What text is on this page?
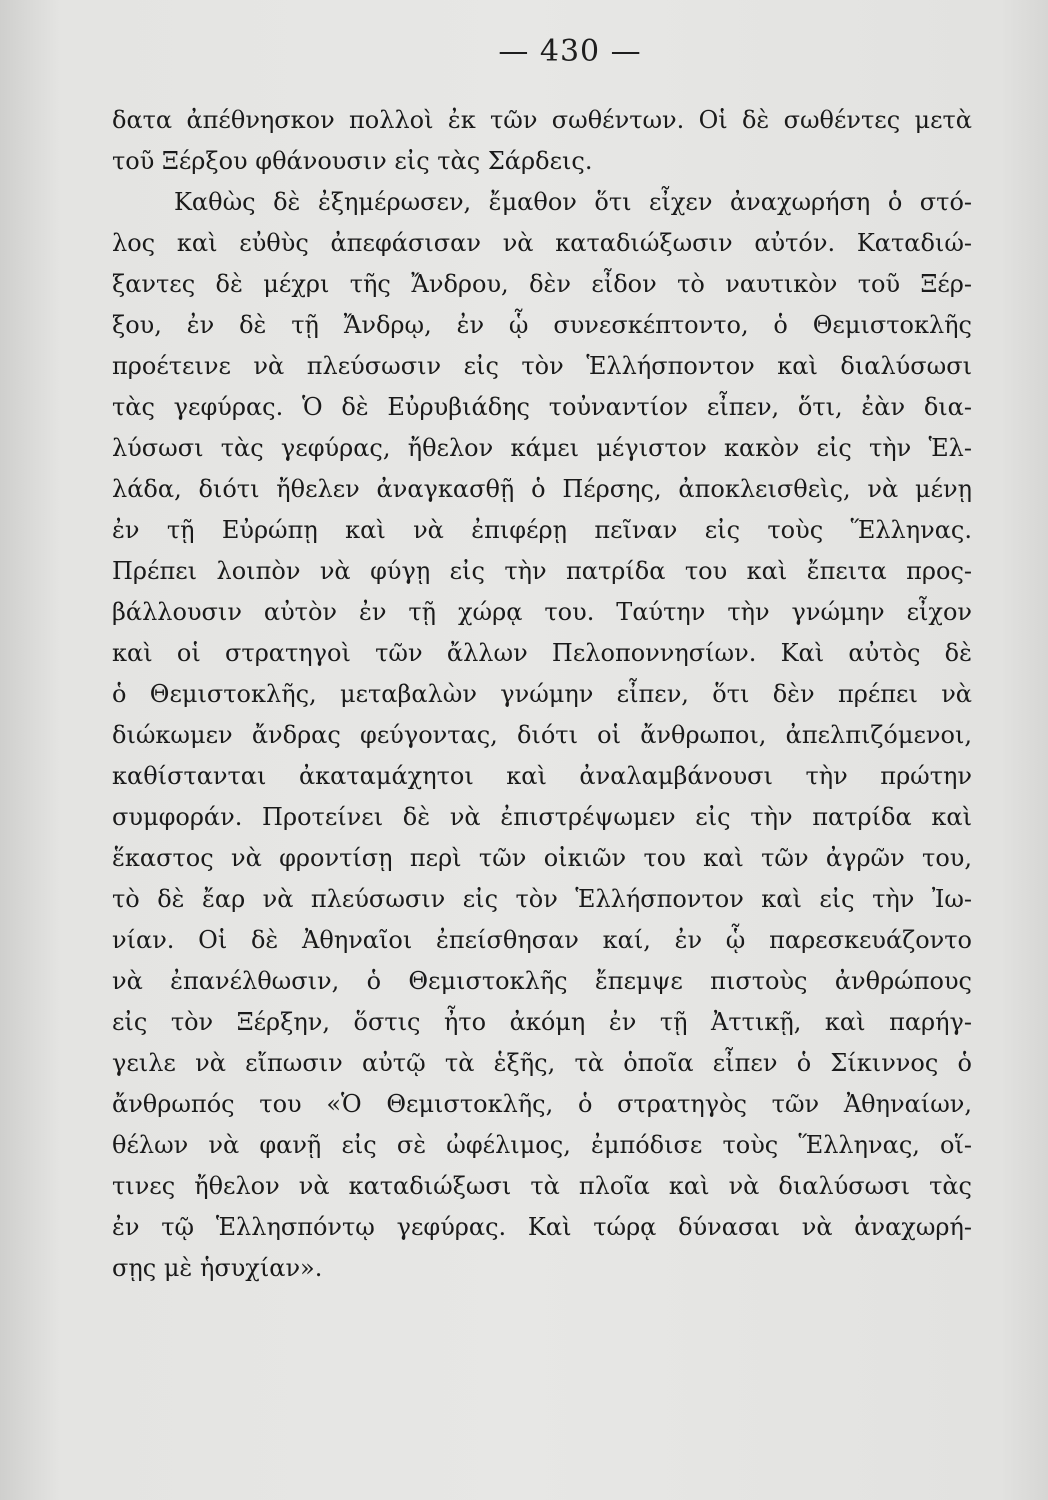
— 430 —
δατα ἀπέθνησκον πολλοὶ ἐκ τῶν σωθέντων. Οἱ δὲ σωθέντες μετὰ
τοῦ Ξέρξου φθάνουσιν εἰς τὰς Σάρδεις.
Καθὼς δὲ ἐξημέρωσεν, ἔμαθον ὅτι εἶχεν ἀναχωρήση ὁ στό-
λος καὶ εὐθὺς ἀπεφάσισαν νὰ καταδιώξωσιν αὐτόν. Καταδιώ-
ξαντες δὲ μέχρι τῆς Ἄνδρου, δὲν εἶδον τὸ ναυτικὸν τοῦ Ξέρ-
ξου, ἐν δὲ τῇ Ἄνδρῳ, ἐν ᾧ συνεσκέπτοντο, ὁ Θεμιστοκλῆς
προέτεινε νὰ πλεύσωσιν εἰς τὸν Ἑλλήσποντον καὶ διαλύσωσι
τὰς γεφύρας. Ὁ δὲ Εὐρυβιάδης τοὐναντίον εἶπεν, ὅτι, ἐὰν δια-
λύσωσι τὰς γεφύρας, ἤθελον κάμει μέγιστον κακὸν εἰς τὴν Ἑλ-
λάδα, διότι ἤθελεν ἀναγκασθῇ ὁ Πέρσης, ἀποκλεισθεὶς, νὰ μένῃ
ἐν τῇ Εὐρώπῃ καὶ νὰ ἐπιφέρῃ πεῖναν εἰς τοὺς Ἕλληνας.
Πρέπει λοιπὸν νὰ φύγῃ εἰς τὴν πατρίδα του καὶ ἔπειτα προς-
βάλλουσιν αὐτὸν ἐν τῇ χώρᾳ του. Ταύτην τὴν γνώμην εἶχον
καὶ οἱ στρατηγοὶ τῶν ἄλλων Πελοποννησίων. Καὶ αὐτὸς δὲ
ὁ Θεμιστοκλῆς, μεταβαλὼν γνώμην εἶπεν, ὅτι δὲν πρέπει νὰ
διώκωμεν ἄνδρας φεύγοντας, διότι οἱ ἄνθρωποι, ἀπελπιζόμενοι,
καθίστανται ἀκαταμάχητοι καὶ ἀναλαμβάνουσι τὴν πρώτην
συμφοράν. Προτείνει δὲ νὰ ἐπιστρέψωμεν εἰς τὴν πατρίδα καὶ
ἕκαστος νὰ φροντίσῃ περὶ τῶν οἰκιῶν του καὶ τῶν ἀγρῶν του,
τὸ δὲ ἔαρ νὰ πλεύσωσιν εἰς τὸν Ἑλλήσποντον καὶ εἰς τὴν Ἰω-
νίαν. Οἱ δὲ Ἀθηναῖοι ἐπείσθησαν καί, ἐν ᾧ παρεσκευάζοντο
νὰ ἐπανέλθωσιν, ὁ Θεμιστοκλῆς ἔπεμψε πιστοὺς ἀνθρώπους
εἰς τὸν Ξέρξην, ὅστις ἦτο ἀκόμη ἐν τῇ Ἀττικῇ, καὶ παρήγ-
γειλε νὰ εἴπωσιν αὐτῷ τὰ ἑξῆς, τὰ ὁποῖα εἶπεν ὁ Σίκιννος ὁ
ἄνθρωπός του «Ὁ Θεμιστοκλῆς, ὁ στρατηγὸς τῶν Ἀθηναίων,
θέλων νὰ φανῇ εἰς σὲ ὠφέλιμος, ἐμπόδισε τοὺς Ἕλληνας, οἵ-
τινες ἤθελον νὰ καταδιώξωσι τὰ πλοῖα καὶ νὰ διαλύσωσι τὰς
ἐν τῷ Ἑλλησπόντῳ γεφύρας. Καὶ τώρᾳ δύνασαι νὰ ἀναχωρή-
σῃς μὲ ἡσυχίαν».
